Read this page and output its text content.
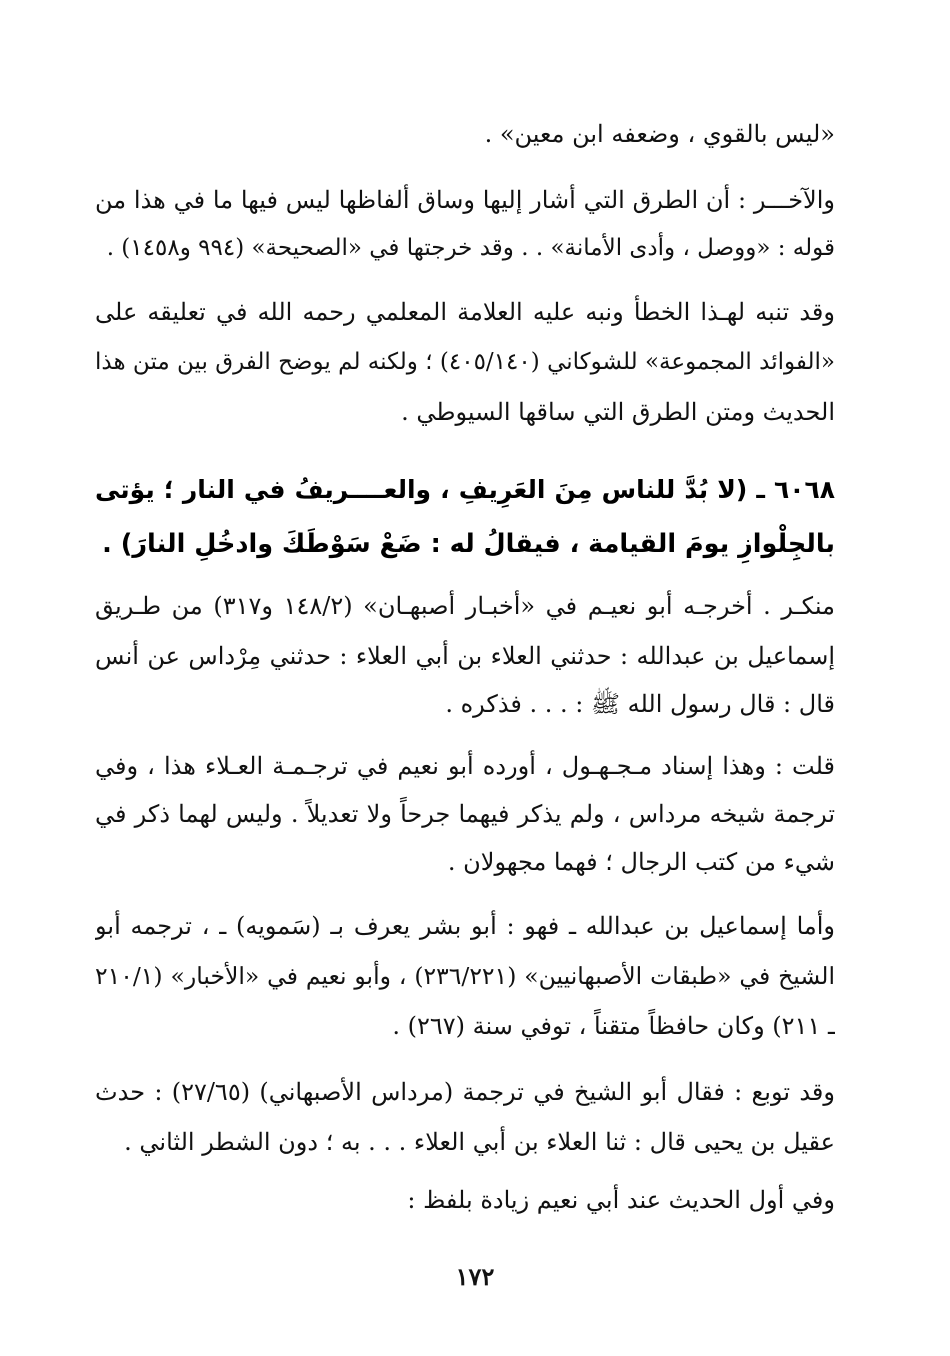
«ليس بالقوي ، وضعفه ابن معين» .
والآخـــر : أن الطرق التي أشار إليها وساق ألفاظها ليس فيها ما في هذا من
قوله : «ووصل ، وأدى الأمانة» . . وقد خرجتها في «الصحيحة» (٩٩٤ و١٤٥٨) .
وقد تنبه لهـذا الخطأ ونبه عليه العلامة المعلمي رحمه الله في تعليقه على
«الفوائد المجموعة» للشوكاني (٤٠٥/١٤٠) ؛ ولكنه لم يوضح الفرق بين متن هذا
الحديث ومتن الطرق التي ساقها السيوطي .
٦٠٦٨ ـ (لا بُدَّ للناس مِنَ العَرِيفِ ، والعــــريفُ في النار ؛ يؤتى
بالجِلْوازِ يومَ القيامة ، فيقالُ له : ضَعْ سَوْطَكَ وادخُلِ النارَ) .
منكـر . أخرجـه أبو نعيـم في «أخبـار أصبهـان» (١٤٨/٢ و٣١٧) من طـريق
إسماعيل بن عبدالله : حدثني العلاء بن أبي العلاء : حدثني مِرْداس عن أنس
قال : قال رسول الله ﷺ : . . . فذكره .
قلت : وهذا إسناد مـجـهـول ، أورده أبو نعيم في ترجـمـة العـلاء هذا ، وفي
ترجمة شيخه مرداس ، ولم يذكر فيهما جرحاً ولا تعديلاً . وليس لهما ذكر في
شيء من كتب الرجال ؛ فهما مجهولان .
وأما إسماعيل بن عبدالله ـ فهو : أبو بشر يعرف بـ (سَمويه) ـ ، ترجمه أبو
الشيخ في «طبقات الأصبهانيين» (٢٣٦/٢٢١) ، وأبو نعيم في «الأخبار» (٢١٠/١
ـ ٢١١) وكان حافظاً متقناً ، توفي سنة (٢٦٧) .
وقد توبع : فقال أبو الشيخ في ترجمة (مرداس الأصبهاني) (٢٧/٦٥) : حدث
عقيل بن يحيى قال : ثنا العلاء بن أبي العلاء . . . به ؛ دون الشطر الثاني .
وفي أول الحديث عند أبي نعيم زيادة بلفظ :
١٧٢
